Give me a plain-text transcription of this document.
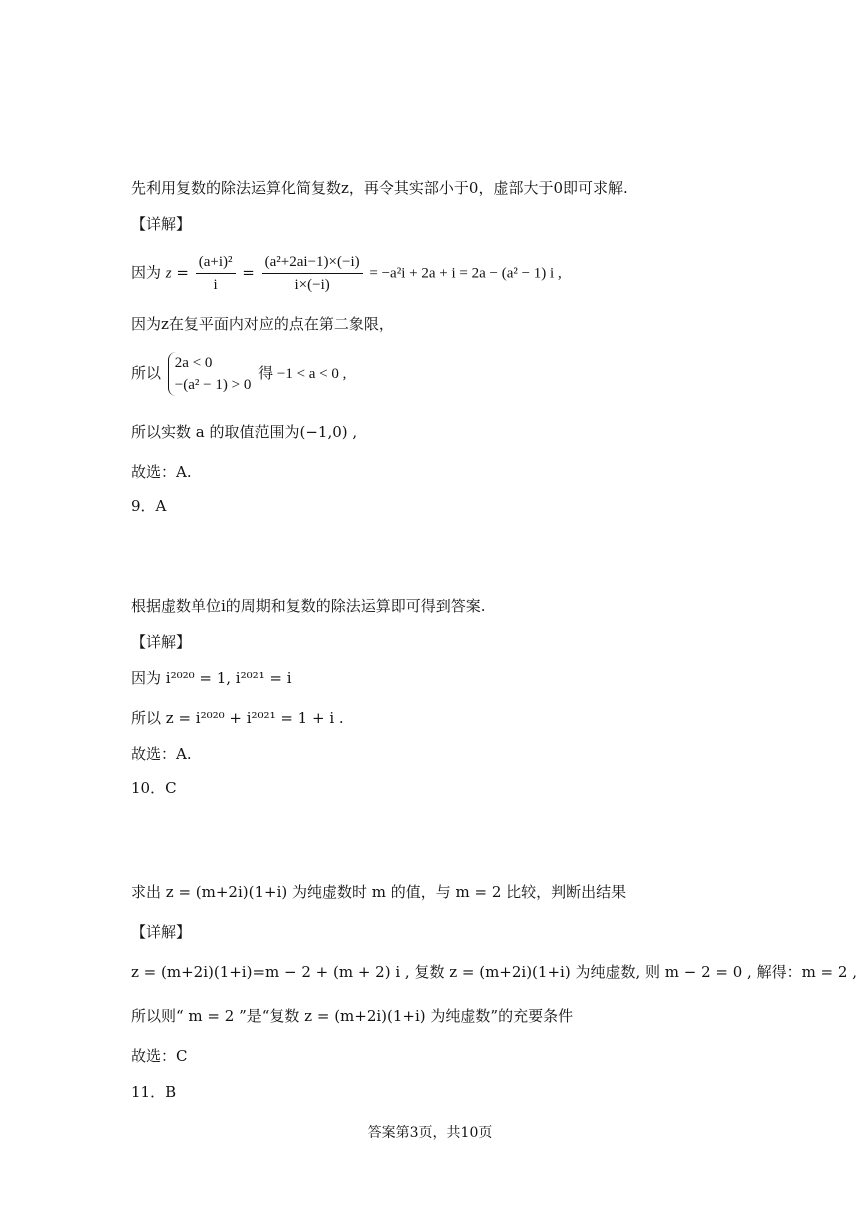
先利用复数的除法运算化简复数z，再令其实部小于0，虚部大于0即可求解.
【详解】
因为 $z = \frac{\text{(a+i)²}}{i} = \frac{\text{(a²+2ai−1)×(−i)}}{i\times(-i)} = -a^2i + 2a + i = 2a - (a^2 - 1)$ i ,
因为z在复平面内对应的点在第二象限，
所以
2a < 0
−(a² − 1) > 0
得 −1 < a < 0 ,
所以实数 a 的取值范围为(−1,0) ,
故选：A.
9．A
根据虚数单位i的周期和复数的除法运算即可得到答案.
【详解】
因为 i²⁰²⁰ = 1, i²⁰²¹ = i
所以 z = i²⁰²⁰ + i²⁰²¹ = 1 + i .
故选：A.
10．C
求出 z = (m+2i)(1+i) 为纯虚数时 m 的值，与 m = 2 比较，判断出结果
【详解】
z = (m+2i)(1+i)=m − 2 + (m + 2) i , 复数 z = (m+2i)(1+i) 为纯虚数, 则 m − 2 = 0 , 解得：m = 2 ,
所以则“ m = 2 ”是“复数 z = (m+2i)(1+i) 为纯虚数”的充要条件
故选：C
11．B
答案第3页，共10页
